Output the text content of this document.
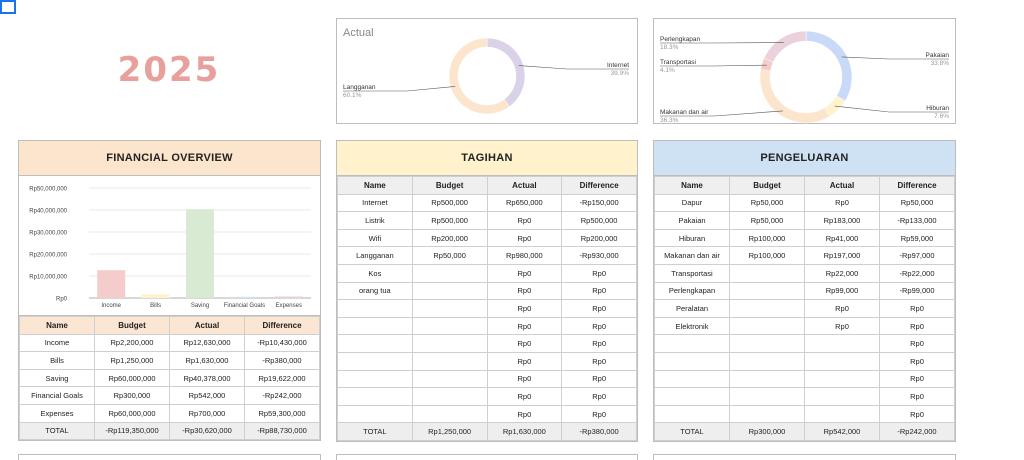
2025
Actual
Internet
39.9%
Langganan
60.1%
Pakaian
33.8%
Hiburan
7.6%
Makanan dan air
36.3%
Transportasi
4.1%
Perlengkapan
18.3%
FINANCIAL OVERVIEW
Rp0
Rp10,000,000
Rp20,000,000
Rp30,000,000
Rp40,000,000
Rp50,000,000
Income	Bills	Saving Financial Goals Expenses
Name	Budget	Actual	Difference
Income	Rp2,200,000	Rp12,630,000	-Rp10,430,000
Bills	Rp1,250,000	Rp1,630,000	-Rp380,000
Saving	Rp60,000,000	Rp40,378,000	Rp19,622,000
Financial Goals	Rp300,000	Rp542,000	-Rp242,000
Expenses	Rp60,000,000	Rp700,000	Rp59,300,000
TOTAL	-Rp119,350,000	-Rp30,620,000	-Rp88,730,000
TAGIHAN
Name	Budget	Actual	Difference
Internet	Rp500,000	Rp650,000	-Rp150,000
Listrik	Rp500,000	Rp0	Rp500,000
Wifi	Rp200,000	Rp0	Rp200,000
Langganan	Rp50,000	Rp980,000	-Rp930,000
Kos		Rp0	Rp0
orang tua		Rp0	Rp0
		Rp0	Rp0
		Rp0	Rp0
		Rp0	Rp0
		Rp0	Rp0
		Rp0	Rp0
		Rp0	Rp0
		Rp0	Rp0
TOTAL	Rp1,250,000	Rp1,630,000	-Rp380,000
PENGELUARAN
Name	Budget	Actual	Difference
Dapur	Rp50,000	Rp0	Rp50,000
Pakaian	Rp50,000	Rp183,000	-Rp133,000
Hiburan	Rp100,000	Rp41,000	Rp59,000
Makanan dan air	Rp100,000	Rp197,000	-Rp97,000
Transportasi		Rp22,000	-Rp22,000
Perlengkapan		Rp99,000	-Rp99,000
Peralatan		Rp0	Rp0
Elektronik		Rp0	Rp0
			Rp0
			Rp0
			Rp0
			Rp0
			Rp0
TOTAL	Rp300,000	Rp542,000	-Rp242,000
